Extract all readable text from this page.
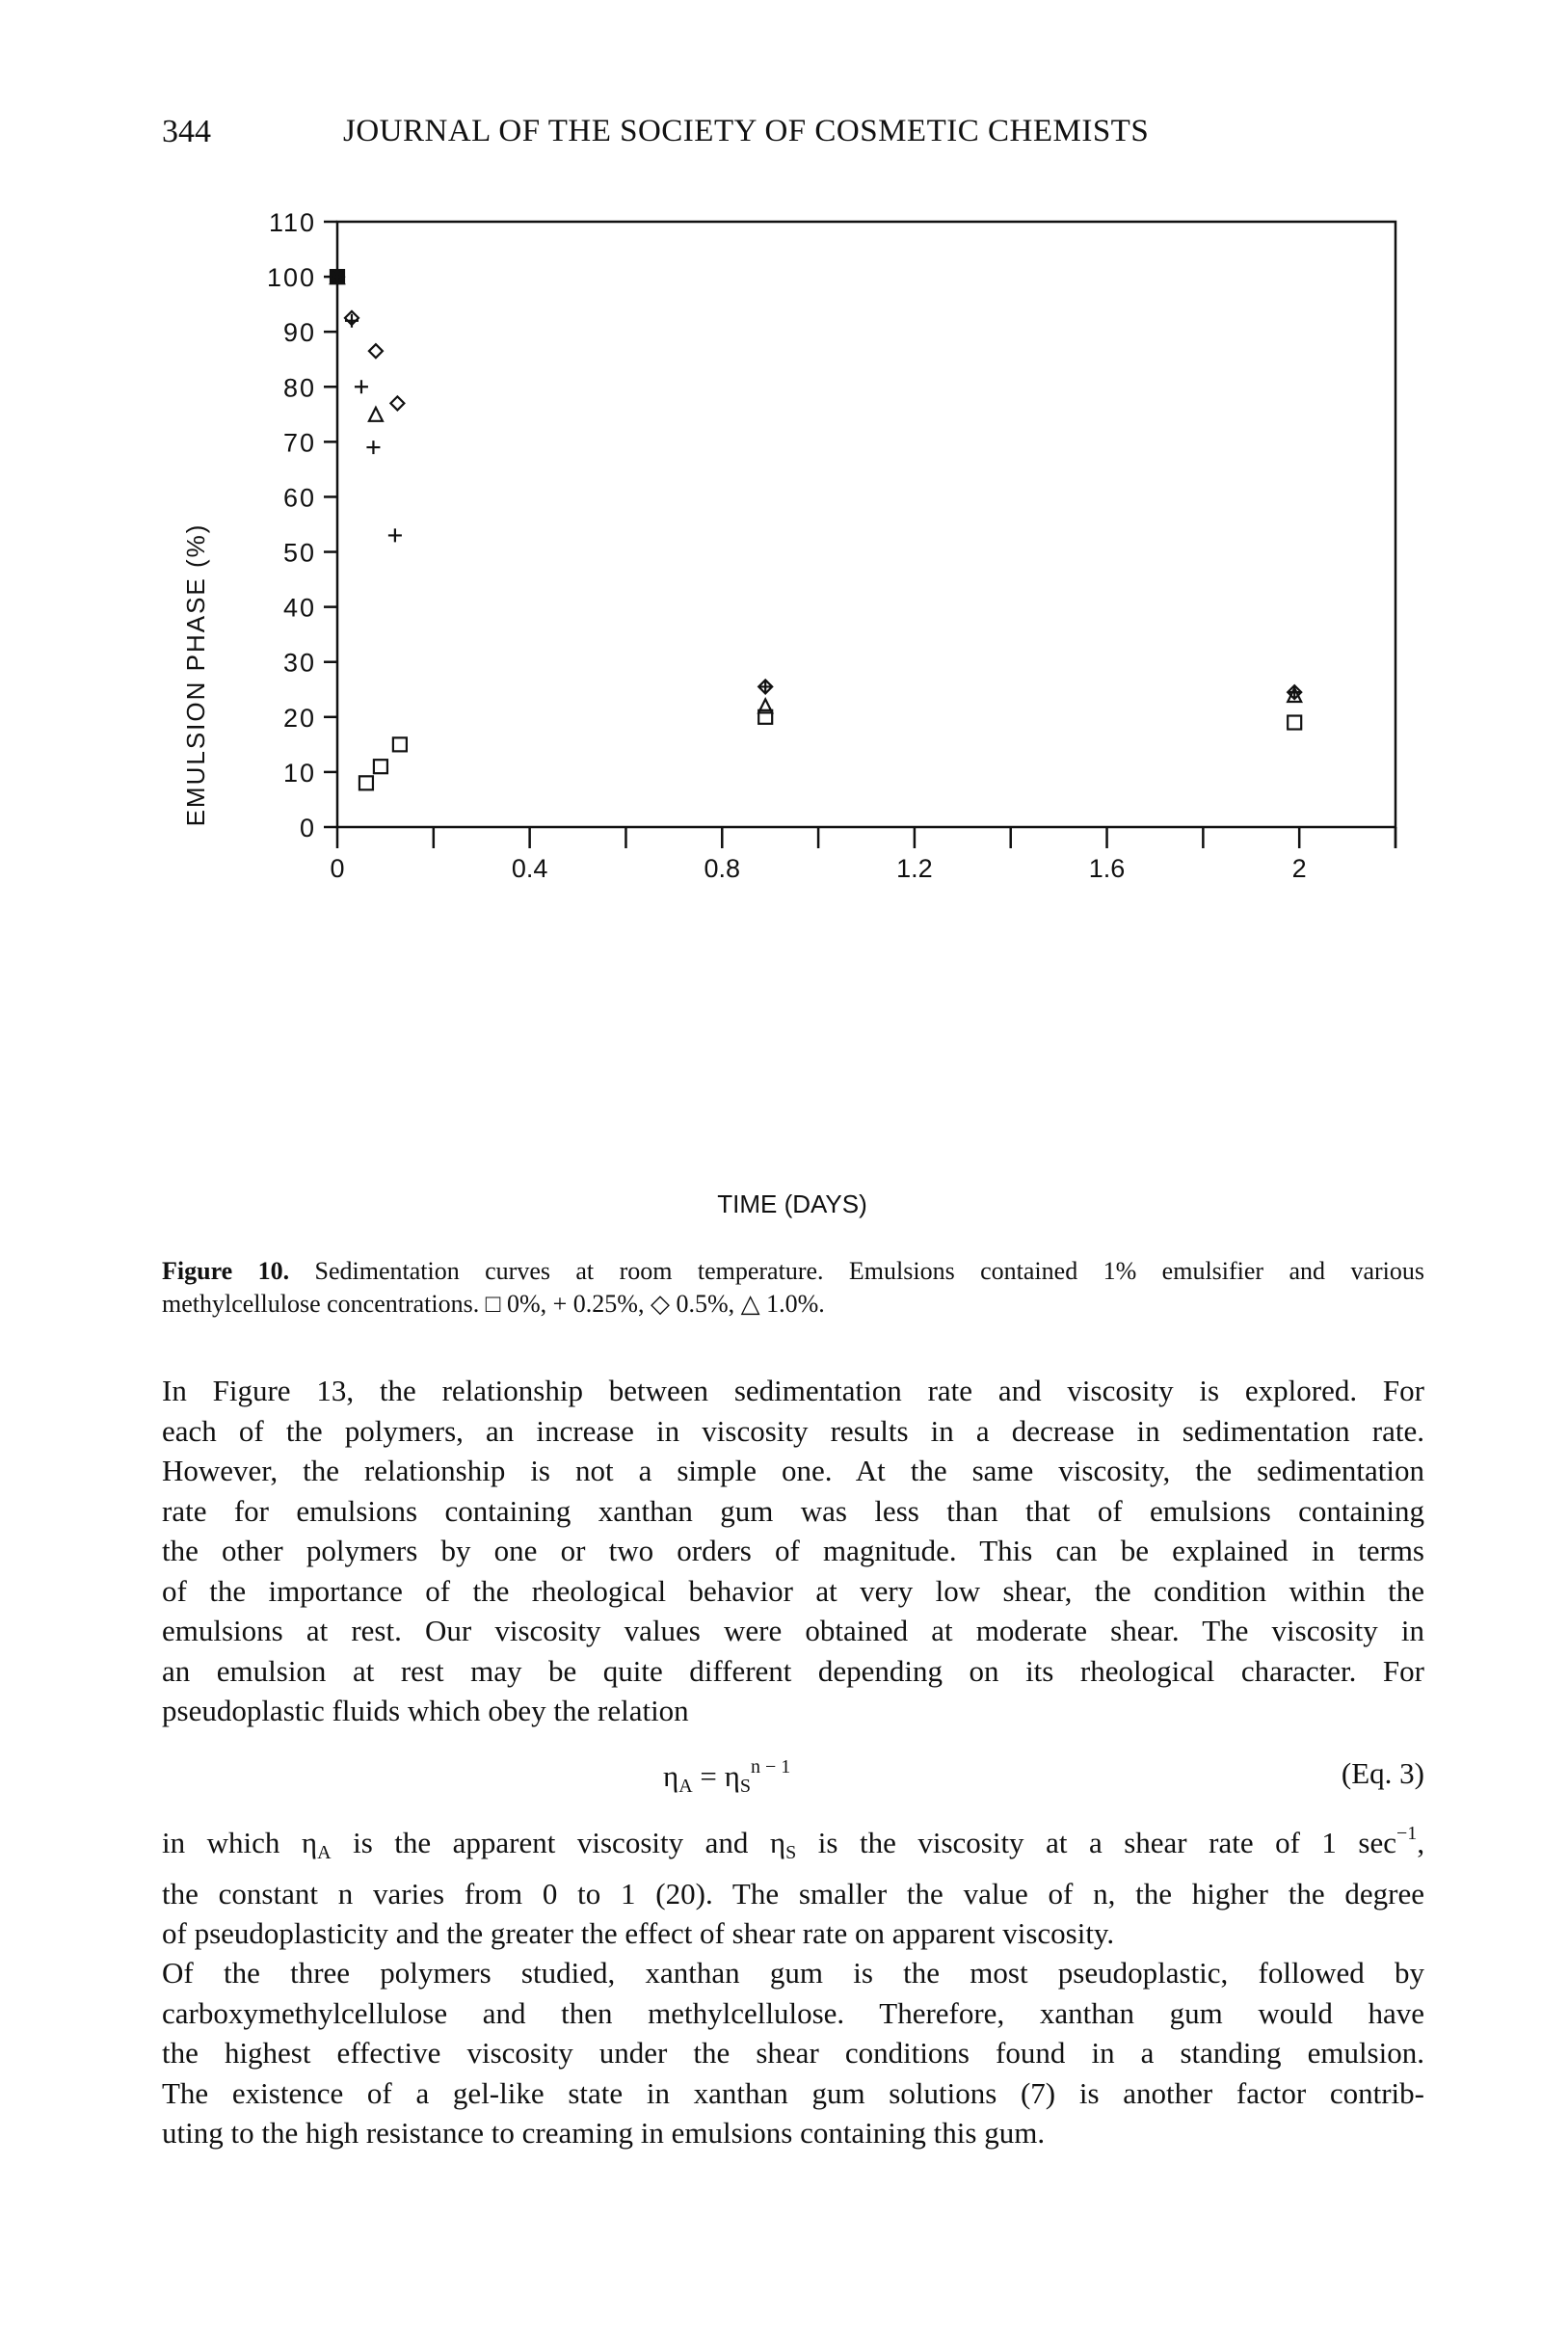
344	JOURNAL OF THE SOCIETY OF COSMETIC CHEMISTS
0
10
20
30
40
50
60
70
80
90
100
110
0	0.4	0.8	1.2	1.6	2
TIME (DAYS)
EMULSION PHASE (%)
Figure 10. Sedimentation curves at room temperature. Emulsions contained 1% emulsifier and various
methylcellulose concentrations. □ 0%, + 0.25%, ◇ 0.5%, △ 1.0%.
In Figure 13, the relationship between sedimentation rate and viscosity is explored. For
each of the polymers, an increase in viscosity results in a decrease in sedimentation rate.
However, the relationship is not a simple one. At the same viscosity, the sedimentation
rate for emulsions containing xanthan gum was less than that of emulsions containing
the other polymers by one or two orders of magnitude. This can be explained in terms
of the importance of the rheological behavior at very low shear, the condition within the
emulsions at rest. Our viscosity values were obtained at moderate shear. The viscosity in
an emulsion at rest may be quite different depending on its rheological character. For
pseudoplastic fluids which obey the relation
$\eta_A = \eta_S^{n - 1}$	(Eq. 3)
in which $\eta_A$ is the apparent viscosity and $\eta_S$ is the viscosity at a shear rate of 1 $\sec^{-1}$,
the constant n varies from 0 to 1 (20). The smaller the value of n, the higher the degree
of pseudoplasticity and the greater the effect of shear rate on apparent viscosity.
Of the three polymers studied, xanthan gum is the most pseudoplastic, followed by
carboxymethylcellulose and then methylcellulose. Therefore, xanthan gum would have
the highest effective viscosity under the shear conditions found in a standing emulsion.
The existence of a gel-like state in xanthan gum solutions (7) is another factor contrib-
uting to the high resistance to creaming in emulsions containing this gum.
